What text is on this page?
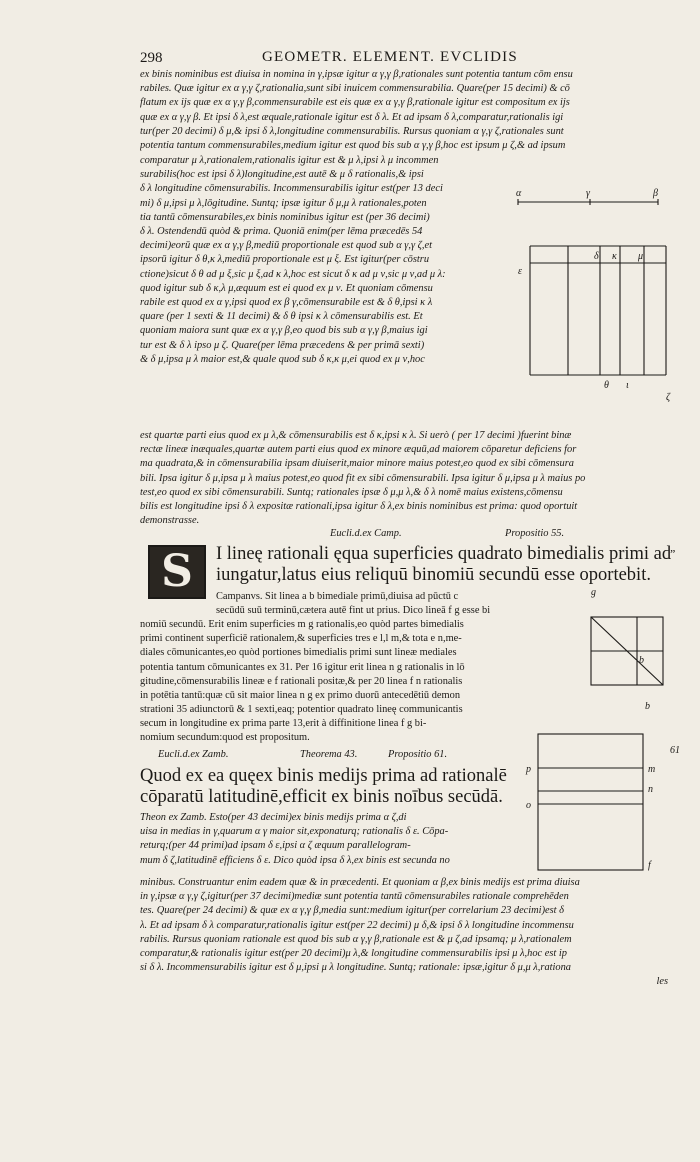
298	GEOMETR. ELEMENT. EVCLIDIS
ex binis nominibus est diuisa in nomina in γ,ipsæ igitur α γ,γ β,rationales sunt potentia tantum cōm ensu
rabiles. Quæ igitur ex α γ,γ ζ,rationalia,sunt sibi inuicem commensurabilia. Quare(per 15 decimi) & cō
flatum ex ijs quæ ex α γ,γ β,commensurabile est eis quæ ex α γ,γ β,rationale igitur est compositum ex ijs
quæ ex α γ,γ β. Et ipsi δ λ,est æquale,rationale igitur est δ λ. Et ad ipsam δ λ,comparatur,rationalis igi
tur(per 20 decimi) δ μ,& ipsi δ λ,longitudine commensurabilis. Rursus quoniam α γ,γ ζ,rationales sunt
potentia tantum commensurabiles,medium igitur est quod bis sub α γ,γ β,hoc est ipsum μ ζ,& ad ipsum
comparatur μ λ,rationalem,rationalis igitur est & μ λ,ipsi λ μ incommen
surabilis(hoc est ipsi δ λ)longitudine,est autē & μ δ rationalis,& ipsi
δ λ longitudine cōmensurabilis. Incommensurabilis igitur est(per 13 deci
mi) δ μ,ipsi μ λ,lōgitudine. Suntq; ipsæ igitur δ μ,μ λ rationales,poten
tia tantū cōmensurabiles,ex binis nominibus igitur est (per 36 decimi)
δ λ. Ostendendū quòd & prima. Quoniā enim(per lēma præcedēs 54
decimi)eorū quæ ex α γ,γ β,mediū proportionale est quod sub α γ,γ ζ,et
ipsorū igitur δ θ,κ λ,mediū proportionale est μ ξ. Est igitur(per cōstru
ctione)sicut δ θ ad μ ξ,sic μ ξ,ad κ λ,hoc est sicut δ κ ad μ ν,sic μ ν,ad μ λ:
quod igitur sub δ κ,λ μ,æquum est ei quod ex μ ν. Et quoniam cōmensu
rabile est quod ex α γ,ipsi quod ex β γ,cōmensurabile est & δ θ,ipsi κ λ
quare (per 1 sexti & 11 decimi) & δ θ ipsi κ λ cōmensurabilis est. Et
quoniam maiora sunt quæ ex α γ,γ β,eo quod bis sub α γ,γ β,maius igi
tur est & δ λ ipso μ ζ. Quare(per lēma præcedens & per primā sexti)
& δ μ,ipsa μ λ maior est,& quale quod sub δ κ,κ μ,ei quod ex μ ν,hoc
α	γ	β
δ κ μ
ε
θ ι
ζ
est quartæ parti eius quod ex μ λ,& cōmensurabilis est δ κ,ipsi κ λ. Si uerò ( per 17 decimi )fuerint binæ
rectæ lineæ inæquales,quartæ autem parti eius quod ex minore æquū,ad maiorem cōparetur deficiens for
ma quadrata,& in cōmensurabilia ipsam diuiserit,maior minore maius potest,eo quod ex sibi cōmensura
bili. Ipsa igitur δ μ,ipsa μ λ maius potest,eo quod fit ex sibi cōmensurabili. Ipsa igitur δ μ,ipsa μ λ maius po
test,eo quod ex sibi cōmensurabili. Suntq; rationales ipsæ δ μ,μ λ,& δ λ nomē maius existens,cōmensu
bilis est longitudine ipsi δ λ expositæ rationali,ipsa igitur δ λ,ex binis nominibus est prima: quod oportuit
demonstrasse.
Eucli.d.ex Camp.	Propositio 55.
S I lineę rationali ęqua superficies quadrato bimedialis primi ad
iungatur,latus eius reliquū binomiū secundū esse oportebit.
„
Campanvs. Sit linea a b bimediale primū,diuisa ad pūctū c
secūdū suū terminū,cætera autē fint ut prius. Dico lineā f g esse bi
nomiū secundū. Erit enim superficies m g rationalis,eo quòd partes bimedialis
primi continent superficiē rationalem,& superficies tres e l,l m,& tota e n,me-
diales cōmunicantes,eo quòd portiones bimedialis primi sunt lineæ mediales
potentia tantum cōmunicantes ex 31. Per 16 igitur erit linea n g rationalis in lō
gitudine,cōmensurabilis lineæ e f rationali positæ,& per 20 linea f n rationalis
in potētia tantū:quæ cū sit maior linea n g ex primo duorū antecedētiū demon
strationi 35 adiunctorū & 1 sexti,eaq; potentior quadrato lineę communicantis
secum in longitudine ex prima parte 13,erit à diffinitione linea f g bi-
nomium secundum:quod est propositum.
g
b
b
Eucli.d.ex Zamb.	Theorema 43.	Propositio 61.	61
Quod ex ea quęex binis medijs prima ad rationalē
cōparatū latitudinē,efficit ex binis noībus secūdā.
p
o
m
n
f
Theon ex Zamb. Esto(per 43 decimi)ex binis medijs prima α ζ,di
uisa in medias in γ,quarum α γ maior sit,exponaturq; rationalis δ ε. Cōpa-
returq;(per 44 primi)ad ipsam δ ε,ipsi α ζ æquum parallelogram-
mum δ ζ,latitudinē efficiens δ ε. Dico quòd ipsa δ λ,ex binis est secunda no
minibus. Construantur enim eadem quæ & in præcedenti. Et quoniam α β,ex binis medijs est prima diuisa
in γ,ipsæ α γ,γ ζ,igitur(per 37 decimi)mediæ sunt potentia tantū cōmensurabiles rationale comprehēden
tes. Quare(per 24 decimi) & quæ ex α γ,γ β,media sunt:medium igitur(per correlarium 23 decimi)est δ
λ. Et ad ipsam δ λ comparatur,rationalis igitur est(per 22 decimi) μ δ,& ipsi δ λ longitudine incommensu
rabilis. Rursus quoniam rationale est quod bis sub α γ,γ β,rationale est & μ ζ,ad ipsamq; μ λ,rationalem
comparatur,& rationalis igitur est(per 20 decimi)μ λ,& longitudine commensurabilis ipsi μ λ,hoc est ip
si δ λ. Incommensurabilis igitur est δ μ,ipsi μ λ longitudine. Suntq; rationale: ipsæ,igitur δ μ,μ λ,rationa
les
